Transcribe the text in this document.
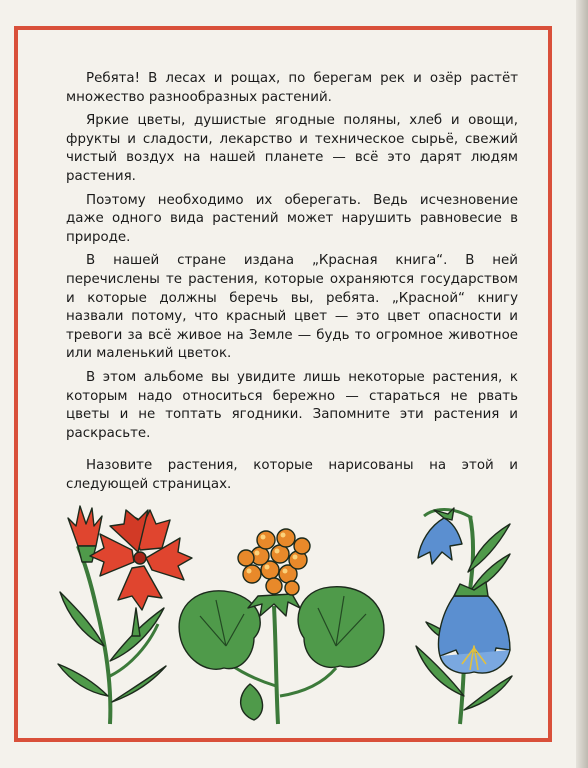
Ребята! В лесах и рощах, по берегам рек и озёр растёт множество разнообразных растений.

Яркие цветы, душистые ягодные поляны, хлеб и овощи, фрукты и сладости, лекарство и техническое сырьё, свежий чистый воздух на нашей планете — всё это дарят людям растения.

Поэтому необходимо их оберегать. Ведь исчезновение даже одного вида растений может нарушить равновесие в природе.

В нашей стране издана „Красная книга“. В ней перечислены те растения, которые охраняются государством и которые должны беречь вы, ребята. „Красной“ книгу назвали потому, что красный цвет — это цвет опасности и тревоги за всё живое на Земле — будь то огромное животное или маленький цветок.

В этом альбоме вы увидите лишь некоторые растения, к которым надо относиться бережно — стараться не рвать цветы и не топтать ягодники. Запомните эти растения и раскрасьте.

Назовите растения, которые нарисованы на этой и следующей страницах.
